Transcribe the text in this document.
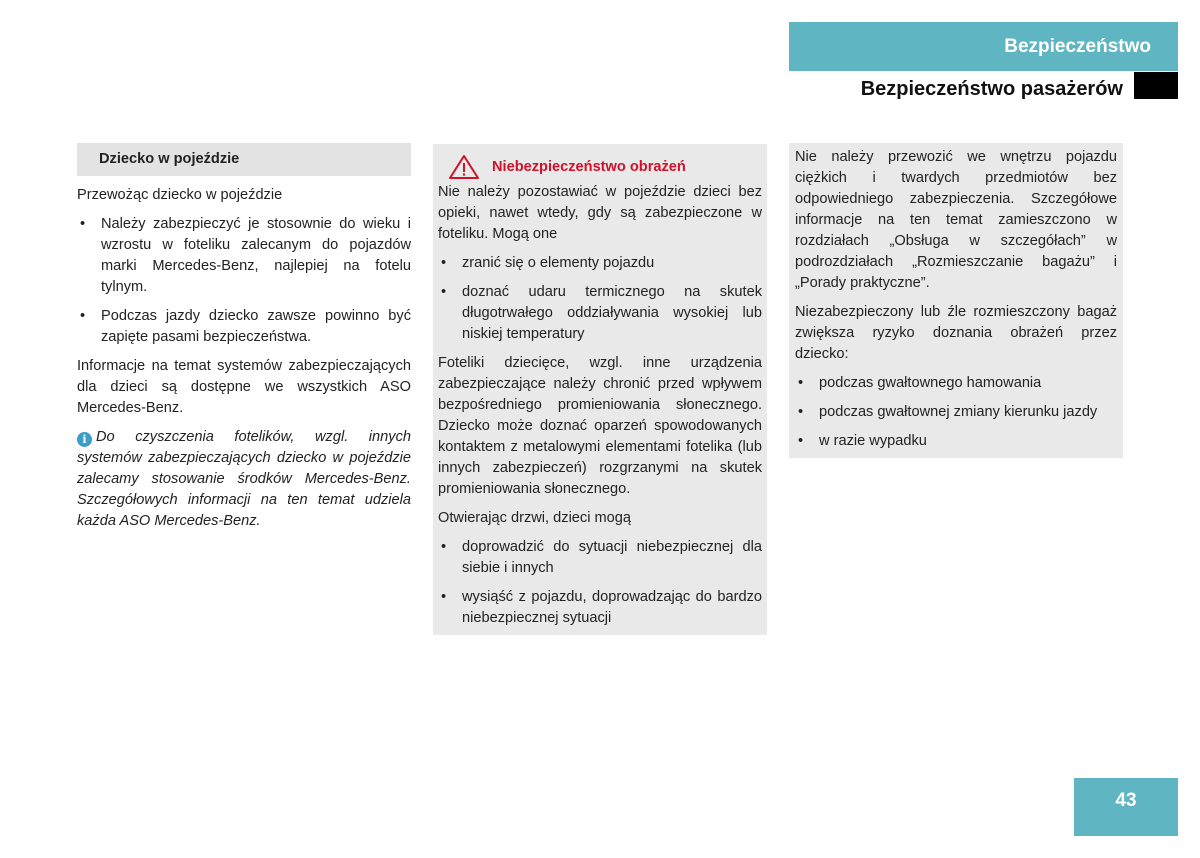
Bezpieczeństwo
Bezpieczeństwo pasażerów
Dziecko w pojeździe

Przewożąc dziecko w pojeździe

• Należy zabezpieczyć je stosownie do wieku i wzrostu w foteliku zalecanym do pojazdów marki Mercedes-Benz, najlepiej na fotelu tylnym.
• Podczas jazdy dziecko zawsze powinno być zapięte pasami bezpieczeństwa.

Informacje na temat systemów zabezpieczających dla dzieci są dostępne we wszystkich ASO Mercedes-Benz.

i Do czyszczenia fotelików, wzgl. innych systemów zabezpieczających dziecko w pojeździe zalecamy stosowanie środków Mercedes-Benz. Szczegółowych informacji na ten temat udziela każda ASO Mercedes-Benz.

Niebezpieczeństwo obrażeń

Nie należy pozostawiać w pojeździe dzieci bez opieki, nawet wtedy, gdy są zabezpieczone w foteliku. Mogą one

• zranić się o elementy pojazdu
• doznać udaru termicznego na skutek długotrwałego oddziaływania wysokiej lub niskiej temperatury

Foteliki dziecięce, wzgl. inne urządzenia zabezpieczające należy chronić przed wpływem bezpośredniego promieniowania słonecznego. Dziecko może doznać oparzeń spowodowanych kontaktem z metalowymi elementami fotelika (lub innych zabezpieczeń) rozgrzanymi na skutek promieniowania słonecznego.

Otwierając drzwi, dzieci mogą

• doprowadzić do sytuacji niebezpiecznej dla siebie i innych
• wysiąść z pojazdu, doprowadzając do bardzo niebezpiecznej sytuacji

Nie należy przewozić we wnętrzu pojazdu ciężkich i twardych przedmiotów bez odpowiedniego zabezpieczenia. Szczegółowe informacje na ten temat zamieszczono w rozdziałach „Obsługa w szczegółach” w podrozdziałach „Rozmieszczanie bagażu” i „Porady praktyczne”.

Niezabezpieczony lub źle rozmieszczony bagaż zwiększa ryzyko doznania obrażeń przez dziecko:

• podczas gwałtownego hamowania
• podczas gwałtownej zmiany kierunku jazdy
• w razie wypadku
43
